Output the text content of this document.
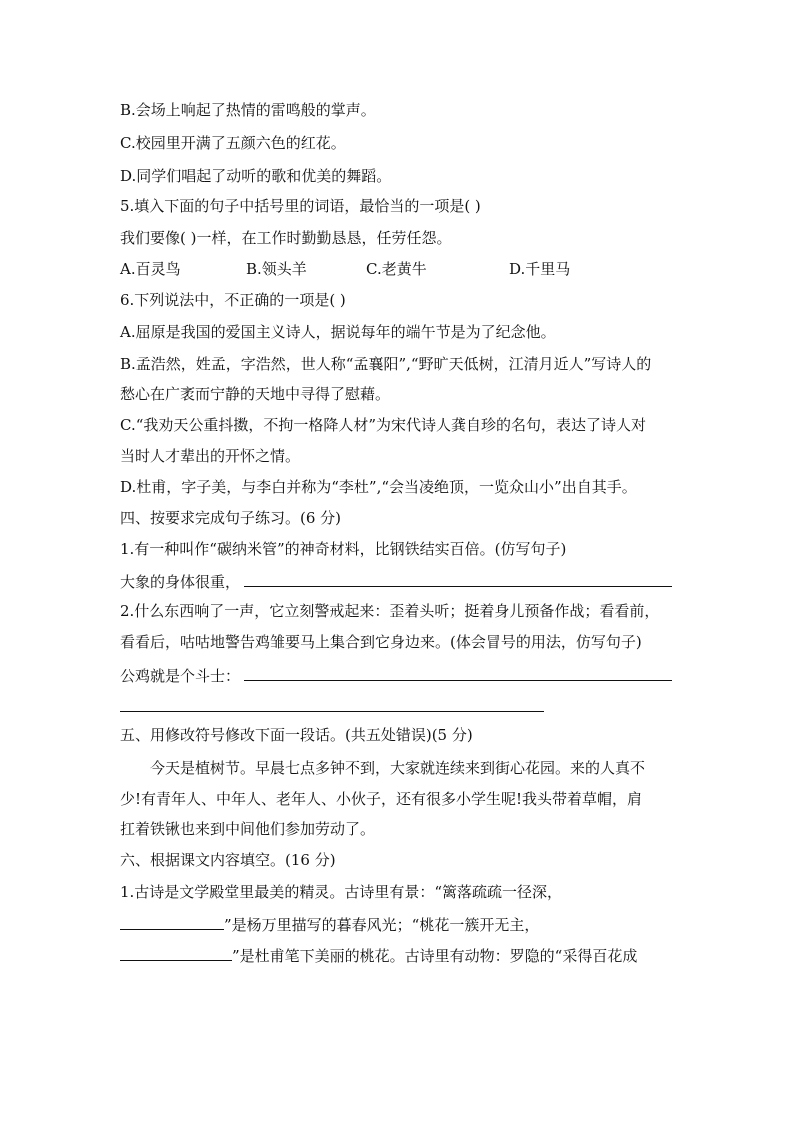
B.会场上响起了热情的雷鸣般的掌声。
C.校园里开满了五颜六色的红花。
D.同学们唱起了动听的歌和优美的舞蹈。
5.填入下面的句子中括号里的词语，最恰当的一项是( )
我们要像( )一样，在工作时勤勤恳恳，任劳任怨。
A.百灵鸟	B.领头羊	C.老黄牛	D.千里马
6.下列说法中，不正确的一项是( )
A.屈原是我国的爱国主义诗人，据说每年的端午节是为了纪念他。
B.孟浩然，姓孟，字浩然，世人称“孟襄阳”,“野旷天低树，江清月近人”写诗人的
愁心在广袤而宁静的天地中寻得了慰藉。
C.“我劝天公重抖擞，不拘一格降人材”为宋代诗人龚自珍的名句，表达了诗人对
当时人才辈出的开怀之情。
D.杜甫，字子美，与李白并称为“李杜”,“会当凌绝顶，一览众山小”出自其手。
四、按要求完成句子练习。(6 分)
1.有一种叫作“碳纳米管”的神奇材料，比钢铁结实百倍。(仿写句子)
大象的身体很重，
2.什么东西响了一声，它立刻警戒起来：歪着头听；挺着身儿预备作战；看看前，
看看后，咕咕地警告鸡雏要马上集合到它身边来。(体会冒号的用法，仿写句子)
公鸡就是个斗士：
五、用修改符号修改下面一段话。(共五处错误)(5 分)
今天是植树节。早晨七点多钟不到，大家就连续来到街心花园。来的人真不
少!有青年人、中年人、老年人、小伙子，还有很多小学生呢!我头带着草帽，肩
扛着铁锹也来到中间他们参加劳动了。
六、根据课文内容填空。(16 分)
1.古诗是文学殿堂里最美的精灵。古诗里有景：“篱落疏疏一径深，
”是杨万里描写的暮春风光；“桃花一簇开无主，
”是杜甫笔下美丽的桃花。古诗里有动物：罗隐的“采得百花成
